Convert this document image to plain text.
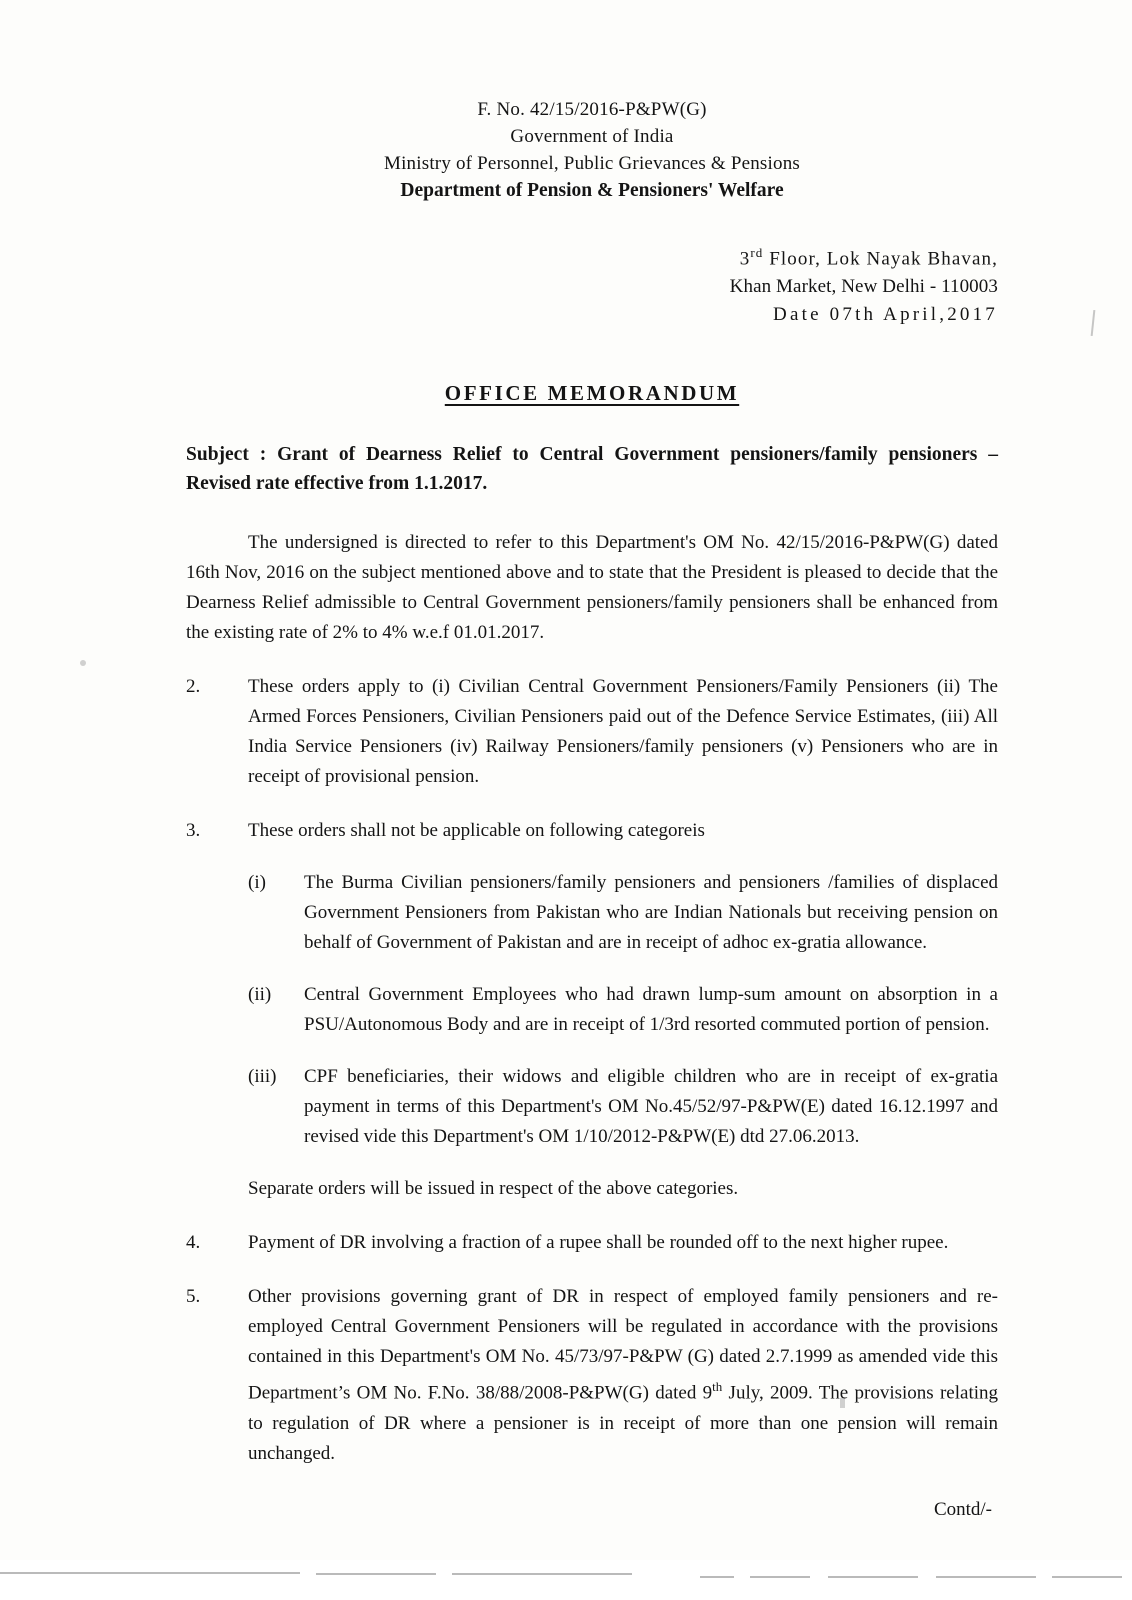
F. No. 42/15/2016-P&PW(G)
Government of India
Ministry of Personnel, Public Grievances & Pensions
Department of Pension & Pensioners' Welfare
3rd Floor, Lok Nayak Bhavan,
Khan Market, New Delhi - 110003
Date 07th April,2017
OFFICE MEMORANDUM
Subject : Grant of Dearness Relief to Central Government pensioners/family pensioners – Revised rate effective from 1.1.2017.

The undersigned is directed to refer to this Department's OM No. 42/15/2016-P&PW(G) dated 16th Nov, 2016 on the subject mentioned above and to state that the President is pleased to decide that the Dearness Relief admissible to Central Government pensioners/family pensioners shall be enhanced from the existing rate of 2% to 4% w.e.f 01.01.2017.

2.	These orders apply to (i) Civilian Central Government Pensioners/Family Pensioners (ii) The Armed Forces Pensioners, Civilian Pensioners paid out of the Defence Service Estimates, (iii) All India Service Pensioners (iv) Railway Pensioners/family pensioners (v) Pensioners who are in receipt of provisional pension.
3.	These orders shall not be applicable on following categoreis
(i)	The Burma Civilian pensioners/family pensioners and pensioners /families of displaced Government Pensioners from Pakistan who are Indian Nationals but receiving pension on behalf of Government of Pakistan and are in receipt of adhoc ex-gratia allowance.
(ii)	Central Government Employees who had drawn lump-sum amount on absorption in a PSU/Autonomous Body and are in receipt of 1/3rd resorted commuted portion of pension.
(iii)	CPF beneficiaries, their widows and eligible children who are in receipt of ex-gratia payment in terms of this Department's OM No.45/52/97-P&PW(E) dated 16.12.1997 and revised vide this Department's OM 1/10/2012-P&PW(E) dtd 27.06.2013.
Separate orders will be issued in respect of the above categories.
4.	Payment of DR involving a fraction of a rupee shall be rounded off to the next higher rupee.
5.	Other provisions governing grant of DR in respect of employed family pensioners and re-employed Central Government Pensioners will be regulated in accordance with the provisions contained in this Department's OM No. 45/73/97-P&PW (G) dated 2.7.1999 as amended vide this Department’s OM No. F.No. 38/88/2008-P&PW(G) dated 9th July, 2009. The provisions relating to regulation of DR where a pensioner is in receipt of more than one pension will remain unchanged.
Contd/-
